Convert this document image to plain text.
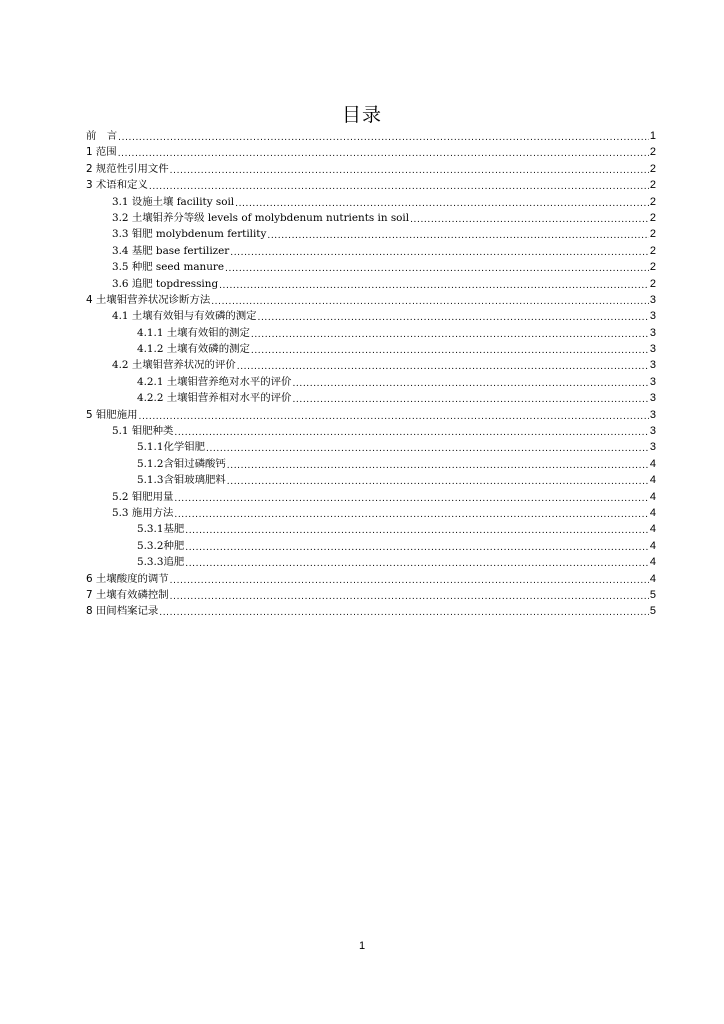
目录
前　言 .....	1
1 范围 .....	2
2 规范性引用文件 .....	2
3 术语和定义 .....	2
3.1 设施土壤 facility soil .....	2
3.2 土壤钼养分等级 levels of molybdenum nutrients in soil .....	2
3.3 钼肥 molybdenum fertility .....	2
3.4 基肥 base fertilizer .....	2
3.5 种肥 seed manure .....	2
3.6 追肥 topdressing .....	2
4 土壤钼营养状况诊断方法 .....	3
4.1 土壤有效钼与有效磷的测定 .....	3
4.1.1 土壤有效钼的测定 .....	3
4.1.2 土壤有效磷的测定 .....	3
4.2 土壤钼营养状况的评价 .....	3
4.2.1 土壤钼营养绝对水平的评价 .....	3
4.2.2 土壤钼营养相对水平的评价 .....	3
5 钼肥施用 .....	3
5.1 钼肥种类 .....	3
5.1.1化学钼肥 .....	3
5.1.2含钼过磷酸钙 .....	4
5.1.3含钼玻璃肥料 .....	4
5.2 钼肥用量 .....	4
5.3 施用方法 .....	4
5.3.1基肥 .....	4
5.3.2种肥 .....	4
5.3.3追肥 .....	4
6 土壤酸度的调节 .....	4
7 土壤有效磷控制 .....	5
8 田间档案记录 .....	5
1
